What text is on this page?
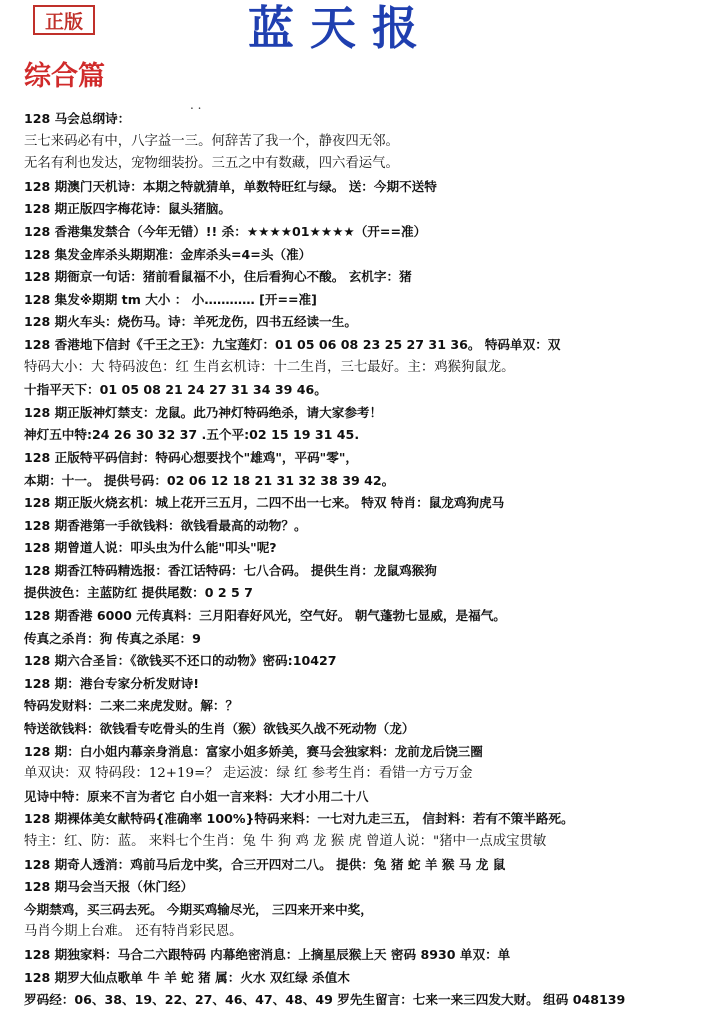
正版	蓝天报
综合篇
. .
128 马会总纲诗：
三七来码必有中，八字益一三。何辞苦了我一个，静夜四无邻。
无名有利也发达，宠物细装扮。三五之中有数藏，四六看运气。
128 期澳门天机诗：本期之特就猜单，单数特旺红与绿。 送：今期不送特
128 期正版四字梅花诗：鼠头猪脑。
128 香港集发禁合（今年无错）!! 杀：★★★★01★★★★（开==准）
128 集发金库杀头期期准：金库杀头=4=头（准）
128 期衙京一句话：猪前看鼠福不小，住后看狗心不酸。 玄机字：猪
128 集发※期期 tm 大小 ： 小………… [开==准]
128 期火车头：烧伤马。诗：羊死龙伤，四书五经读一生。
128 香港地下信封《千王之王》：九宝莲灯：01 05 06 08 23 25 27 31 36。 特码单双：双
特码大小：大 特码波色：红 生肖玄机诗：十二生肖，三七最好。主：鸡猴狗鼠龙。
十指平天下：01 05 08 21 24 27 31 34 39 46。
128 期正版神灯禁支：龙鼠。此乃神灯特码绝杀，请大家参考！
神灯五中特:24 26 30 32 37 .五个平:02 15 19 31 45.
128 正版特平码信封：特码心想要找个"雄鸡"，平码"零"，
本期：十一。 提供号码：02 06 12 18 21 31 32 38 39 42。
128 期正版火烧玄机：城上花开三五月，二四不出一七来。 特双 特肖：鼠龙鸡狗虎马
128 期香港第一手欲钱料：欲钱看最高的动物？。
128 期曾道人说：叩头虫为什么能"叩头"呢?
128 期香江特码精选报：香江话特码：七八合码。 提供生肖：龙鼠鸡猴狗
提供波色：主蓝防红 提供尾数：0 2 5 7
128 期香港 6000 元传真料：三月阳春好风光，空气好。 朝气蓬勃七显威，是福气。
传真之杀肖：狗 传真之杀尾：9
128 期六合圣旨：《欲钱买不还口的动物》密码:10427
128 期：港台专家分析发财诗!
特码发财料：二来二来虎发财。解：？
特送欲钱料：欲钱看专吃骨头的生肖（猴）欲钱买久战不死动物（龙）
128 期：白小姐内幕亲身消息：富家小姐多娇美，赛马会独家料：龙前龙后饶三圈
单双诀：双 特码段：12+19=？ 走运波：绿 红 参考生肖：看错一方亏万金
见诗中特：原来不言为者它 白小姐一言来料：大才小用二十八
128 期裸体美女献特码{准确率 100%}特码来料：一七对九走三五， 信封料：若有不策半路死。
特主：红、防：蓝。 来料七个生肖：兔 牛 狗 鸡 龙 猴 虎 曾道人说："猪中一点成宝贯敏
128 期奇人透消：鸡前马后龙中奖，合三开四对二八。 提供：兔 猪 蛇 羊 猴 马 龙 鼠
128 期马会当天报（休门经）
今期禁鸡，买三码去死。 今期买鸡输尽光， 三四来开来中奖，
马肖今期上台难。 还有特肖彩民恩。
128 期独家料：马合二六跟特码 内幕绝密消息：上摘星辰猴上天 密码 8930 单双：单
128 期罗大仙点歌单 牛 羊 蛇 猪 属：火水 双红绿 杀值木
罗码经：06、38、19、22、27、46、47、48、49 罗先生留言：七来一来三四发大财。 组码 048139
